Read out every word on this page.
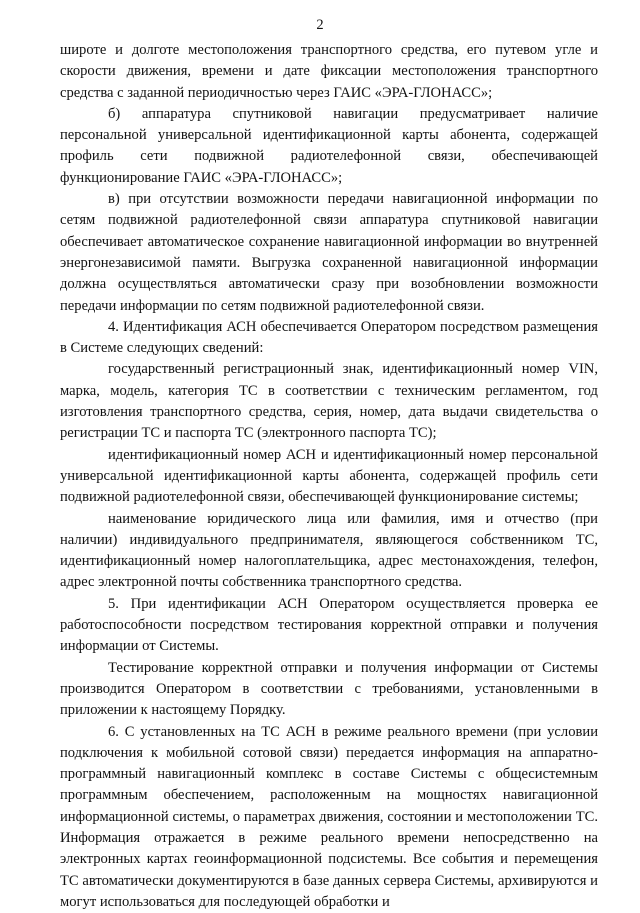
2

широте и долготе местоположения транспортного средства, его путевом угле и скорости движения, времени и дате фиксации местоположения транспортного средства с заданной периодичностью через ГАИС «ЭРА-ГЛОНАСС»;

б) аппаратура спутниковой навигации предусматривает наличие персональной универсальной идентификационной карты абонента, содержащей профиль сети подвижной радиотелефонной связи, обеспечивающей функционирование ГАИС «ЭРА-ГЛОНАСС»;

в) при отсутствии возможности передачи навигационной информации по сетям подвижной радиотелефонной связи аппаратура спутниковой навигации обеспечивает автоматическое сохранение навигационной информации во внутренней энергонезависимой памяти. Выгрузка сохраненной навигационной информации должна осуществляться автоматически сразу при возобновлении возможности передачи информации по сетям подвижной радиотелефонной связи.

4. Идентификация АСН обеспечивается Оператором посредством размещения в Системе следующих сведений:

государственный регистрационный знак, идентификационный номер VIN, марка, модель, категория ТС в соответствии с техническим регламентом, год изготовления транспортного средства, серия, номер, дата выдачи свидетельства о регистрации ТС и паспорта ТС (электронного паспорта ТС);

идентификационный номер АСН и идентификационный номер персональной универсальной идентификационной карты абонента, содержащей профиль сети подвижной радиотелефонной связи, обеспечивающей функционирование системы;

наименование юридического лица или фамилия, имя и отчество (при наличии) индивидуального предпринимателя, являющегося собственником ТС, идентификационный номер налогоплательщика, адрес местонахождения, телефон, адрес электронной почты собственника транспортного средства.

5. При идентификации АСН Оператором осуществляется проверка ее работоспособности посредством тестирования корректной отправки и получения информации от Системы.

Тестирование корректной отправки и получения информации от Системы производится Оператором в соответствии с требованиями, установленными в приложении к настоящему Порядку.

6. С установленных на ТС АСН в режиме реального времени (при условии подключения к мобильной сотовой связи) передается информация на аппаратно-программный навигационный комплекс в составе Системы с общесистемным программным обеспечением, расположенным на мощностях навигационной информационной системы, о параметрах движения, состоянии и местоположении ТС. Информация отражается в режиме реального времени непосредственно на электронных картах геоинформационной подсистемы. Все события и перемещения ТС автоматически документируются в базе данных сервера Системы, архивируются и могут использоваться для последующей обработки и
